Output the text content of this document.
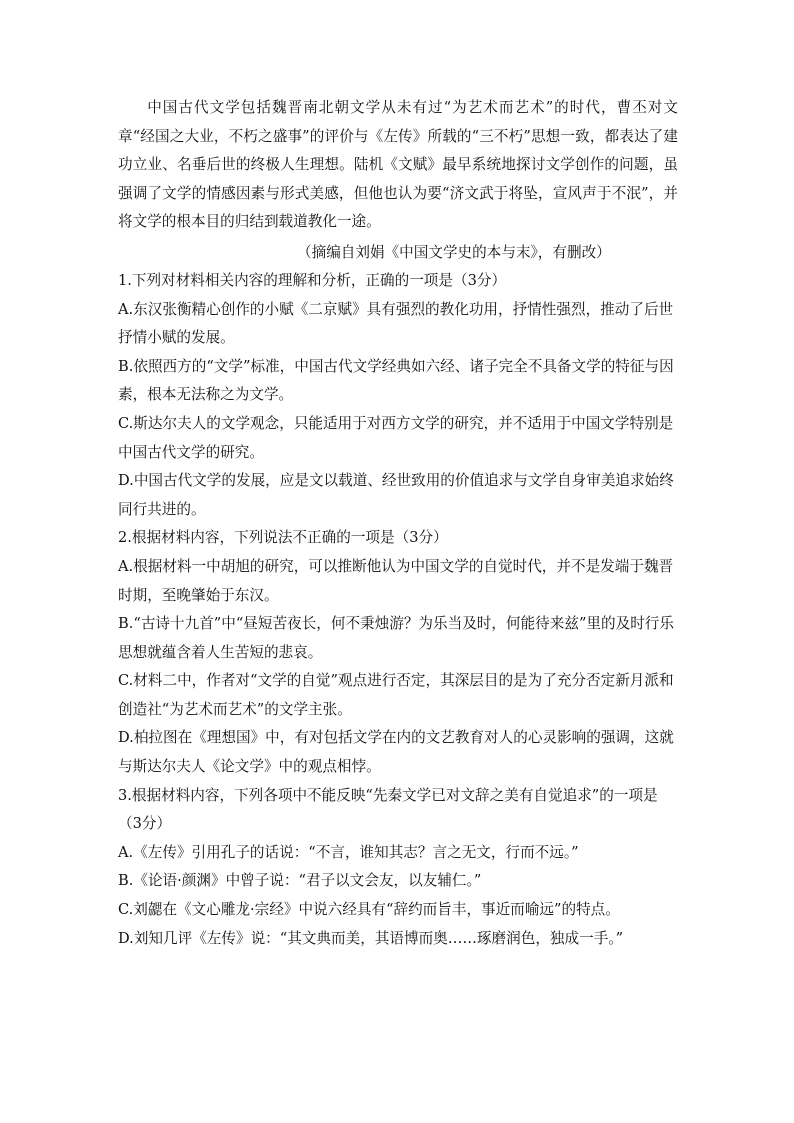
中国古代文学包括魏晋南北朝文学从未有过“为艺术而艺术”的时代，曹丕对文章“经国之大业，不朽之盛事”的评价与《左传》所载的“三不朽”思想一致，都表达了建功立业、名垂后世的终极人生理想。陆机《文赋》最早系统地探讨文学创作的问题，虽强调了文学的情感因素与形式美感，但他也认为要“济文武于将坠，宣风声于不泯”，并将文学的根本目的归结到载道教化一途。

（摘编自刘娟《中国文学史的本与末》，有删改）

1.下列对材料相关内容的理解和分析，正确的一项是（3分）

A.东汉张衡精心创作的小赋《二京赋》具有强烈的教化功用，抒情性强烈，推动了后世抒情小赋的发展。

B.依照西方的“文学”标准，中国古代文学经典如六经、诸子完全不具备文学的特征与因素，根本无法称之为文学。

C.斯达尔夫人的文学观念，只能适用于对西方文学的研究，并不适用于中国文学特别是中国古代文学的研究。

D.中国古代文学的发展，应是文以载道、经世致用的价值追求与文学自身审美追求始终同行共进的。

2.根据材料内容，下列说法不正确的一项是（3分）

A.根据材料一中胡旭的研究，可以推断他认为中国文学的自觉时代，并不是发端于魏晋时期，至晚肇始于东汉。

B.“古诗十九首”中“昼短苦夜长，何不秉烛游？为乐当及时，何能待来兹”里的及时行乐思想就蕴含着人生苦短的悲哀。

C.材料二中，作者对“文学的自觉”观点进行否定，其深层目的是为了充分否定新月派和创造社“为艺术而艺术”的文学主张。

D.柏拉图在《理想国》中，有对包括文学在内的文艺教育对人的心灵影响的强调，这就与斯达尔夫人《论文学》中的观点相悖。

3.根据材料内容，下列各项中不能反映“先秦文学已对文辞之美有自觉追求”的一项是（3分）

A.《左传》引用孔子的话说：“不言，谁知其志？言之无文，行而不远。”

B.《论语·颜渊》中曾子说：“君子以文会友，以友辅仁。”

C.刘勰在《文心雕龙·宗经》中说六经具有“辞约而旨丰，事近而喻远”的特点。

D.刘知几评《左传》说：“其文典而美，其语博而奥……琢磨润色，独成一手。”
